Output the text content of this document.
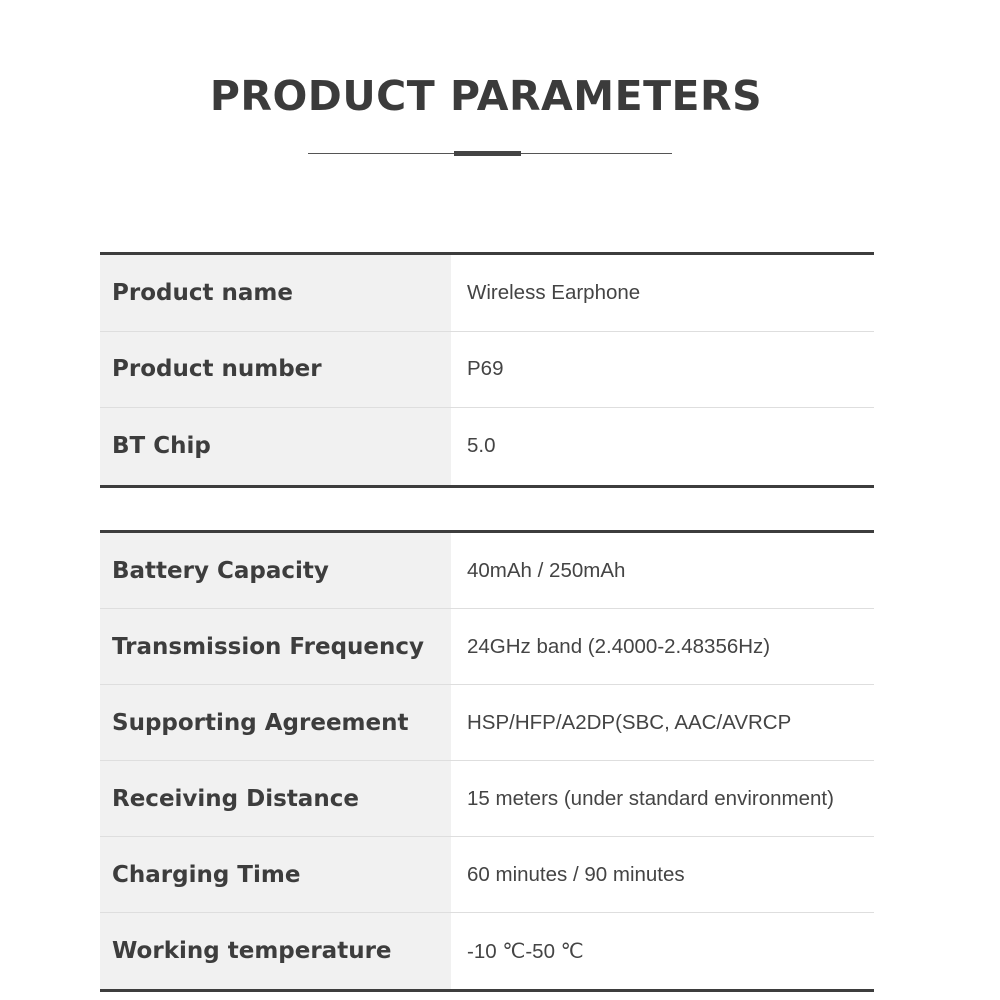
PRODUCT PARAMETERS
Product name	Wireless Earphone
Product number	P69
BT Chip	5.0
Battery Capacity	40mAh / 250mAh
Transmission Frequency	24GHz band (2.4000-2.48356Hz)
Supporting Agreement	HSP/HFP/A2DP(SBC, AAC/AVRCP
Receiving Distance	15 meters (under standard environment)
Charging Time	60 minutes / 90 minutes
Working temperature	-10 ℃-50 ℃
